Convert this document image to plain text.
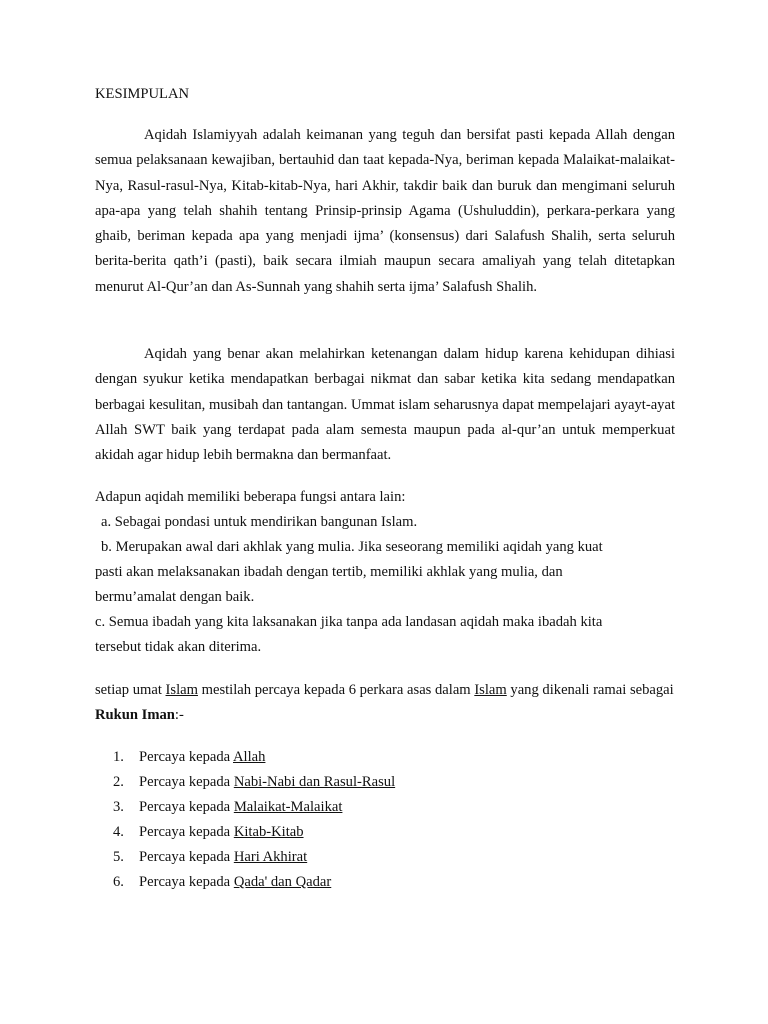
KESIMPULAN

Aqidah Islamiyyah adalah keimanan yang teguh dan bersifat pasti kepada Allah dengan semua pelaksanaan kewajiban, bertauhid dan taat kepada-Nya, beriman kepada Malaikat-malaikat-Nya, Rasul-rasul-Nya, Kitab-kitab-Nya, hari Akhir, takdir baik dan buruk dan mengimani seluruh apa-apa yang telah shahih tentang Prinsip-prinsip Agama (Ushuluddin), perkara-perkara yang ghaib, beriman kepada apa yang menjadi ijma’ (konsensus) dari Salafush Shalih, serta seluruh berita-berita qath’i (pasti), baik secara ilmiah maupun secara amaliyah yang telah ditetapkan menurut Al-Qur’an dan As-Sunnah yang shahih serta ijma’ Salafush Shalih.

Aqidah yang benar akan melahirkan ketenangan dalam hidup karena kehidupan dihiasi dengan syukur ketika mendapatkan berbagai nikmat dan sabar ketika kita sedang mendapatkan berbagai kesulitan, musibah dan tantangan. Ummat islam seharusnya dapat mempelajari ayayt-ayat Allah SWT baik yang terdapat pada alam semesta maupun pada al-qur’an untuk memperkuat akidah agar hidup lebih bermakna dan bermanfaat.

Adapun aqidah memiliki beberapa fungsi antara lain:
a. Sebagai pondasi untuk mendirikan bangunan Islam.
b. Merupakan awal dari akhlak yang mulia. Jika seseorang memiliki aqidah yang kuat
pasti akan melaksanakan ibadah dengan tertib, memiliki akhlak yang mulia, dan
bermu’amalat dengan baik.
c. Semua ibadah yang kita laksanakan jika tanpa ada landasan aqidah maka ibadah kita
tersebut tidak akan diterima.

setiap umat Islam mestilah percaya kepada 6 perkara asas dalam Islam yang dikenali ramai sebagai Rukun Iman:-

1. Percaya kepada Allah
2. Percaya kepada Nabi-Nabi dan Rasul-Rasul
3. Percaya kepada Malaikat-Malaikat
4. Percaya kepada Kitab-Kitab
5. Percaya kepada Hari Akhirat
6. Percaya kepada Qada' dan Qadar
